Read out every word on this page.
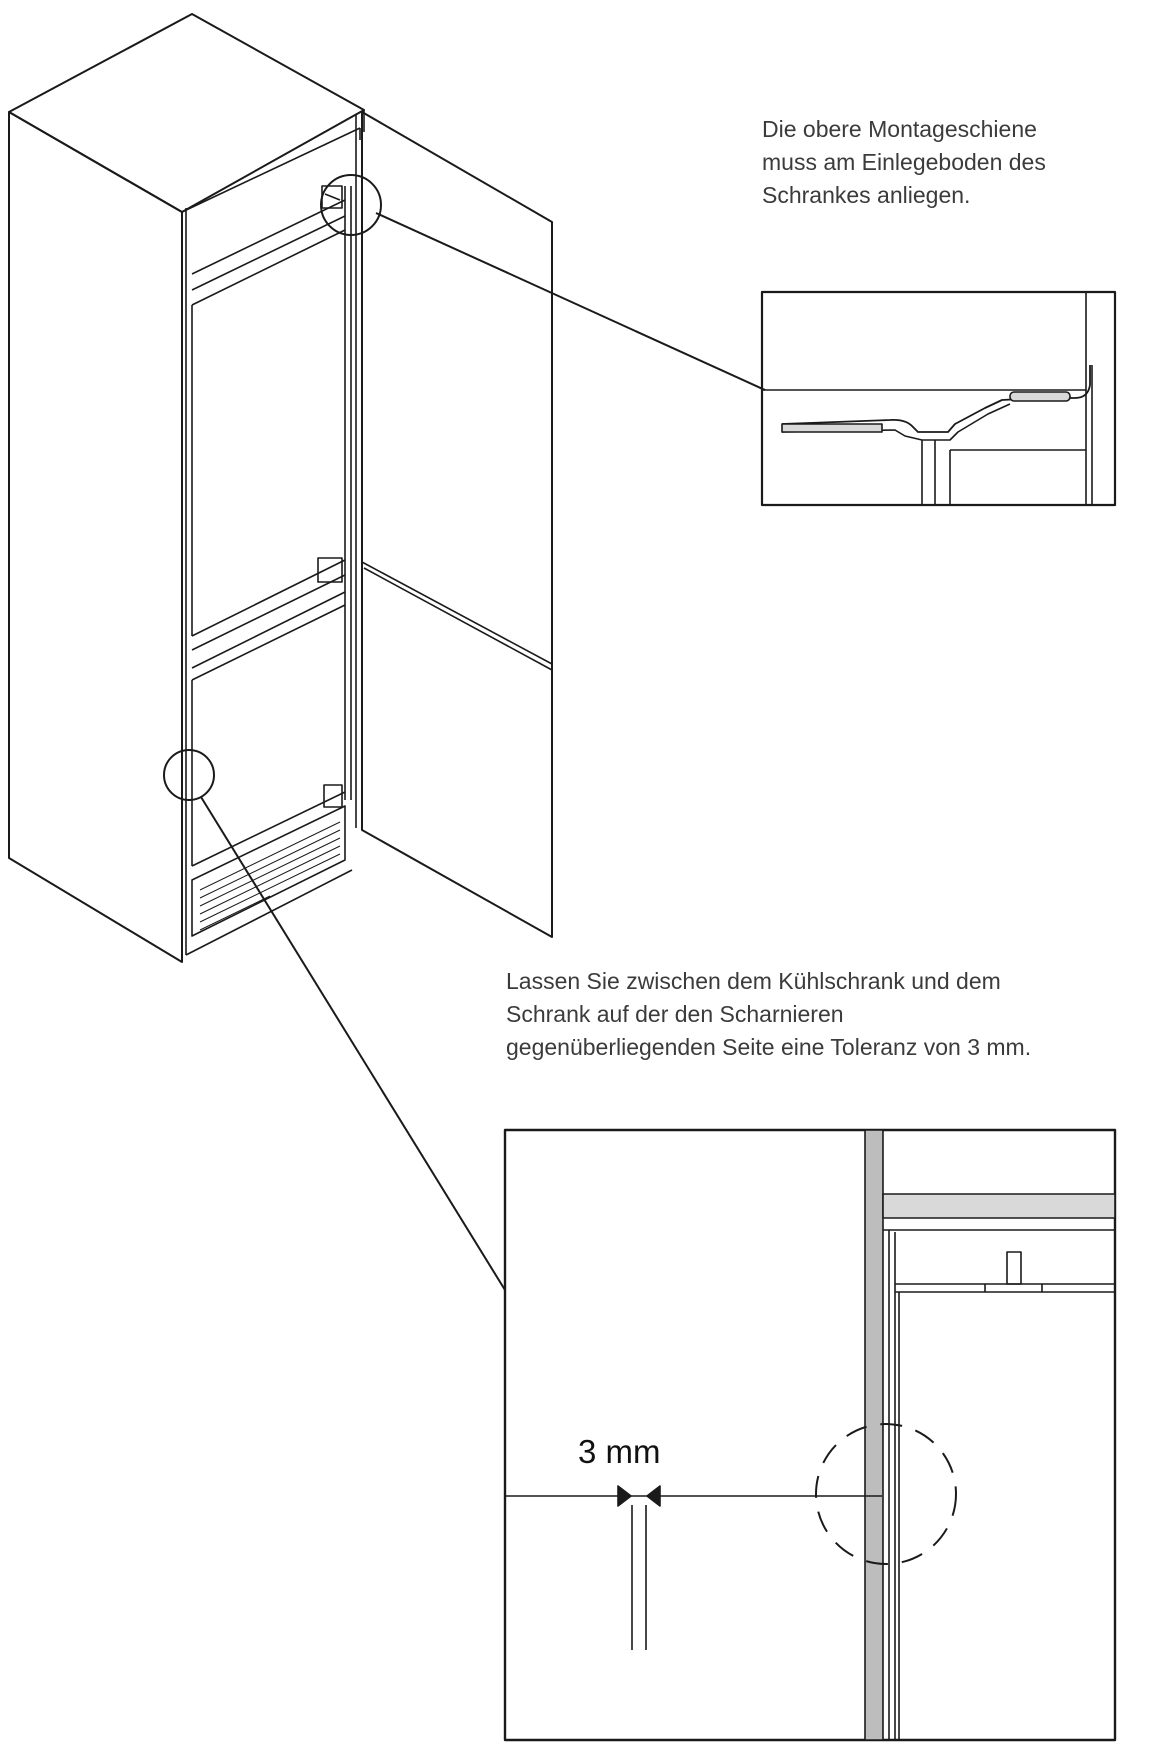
Die obere Montageschiene
muss am Einlegeboden des
Schrankes anliegen.
Lassen Sie zwischen dem Kühlschrank und dem
Schrank auf der den Scharnieren
gegenüberliegenden Seite eine Toleranz von 3 mm.
3 mm
